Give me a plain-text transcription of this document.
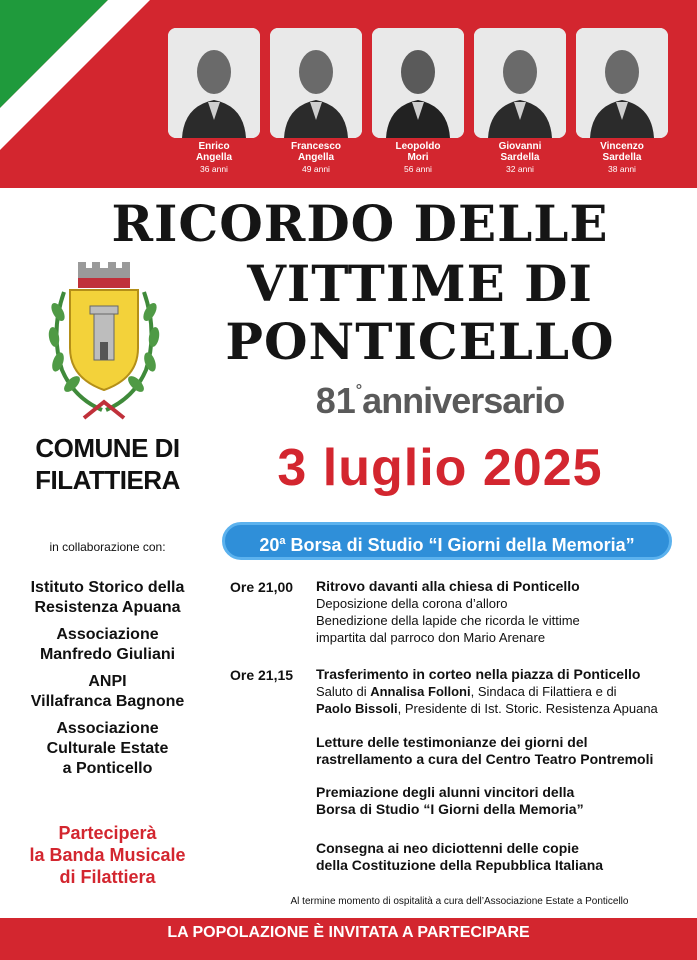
Enrico
Angella
36 anni
Francesco
Angella
49 anni
Leopoldo
Mori
56 anni
Giovanni
Sardella
32 anni
Vincenzo
Sardella
38 anni
RICORDO DELLE
VITTIME DI
PONTICELLO
81°anniversario
3 luglio 2025
COMUNE DI
FILATTIERA
in collaborazione con:
Istituto Storico della
Resistenza Apuana
Associazione
Manfredo Giuliani
ANPI
Villafranca Bagnone
Associazione
Culturale Estate
a Ponticello
Parteciperà
la Banda Musicale
di Filattiera
20$^a$ Borsa di Studio “I Giorni della Memoria”
Ore 21,00	Ritrovo davanti alla chiesa di Ponticello

Deposizione della corona d’alloro

Benedizione della lapide che ricorda le vittime

impartita dal parroco don Mario Arenare

Ore 21,15	Trasferimento in corteo nella piazza di Ponticello

Saluto di Annalisa Folloni, Sindaca di Filattiera e di

Paolo Bissoli, Presidente di Ist. Storic. Resistenza Apuana

Letture delle testimonianze dei giorni del

rastrellamento a cura del Centro Teatro Pontremoli

Premiazione degli alunni vincitori della

Borsa di Studio “I Giorni della Memoria”

Consegna ai neo diciottenni delle copie

della Costituzione della Repubblica Italiana

Al termine momento di ospitalità a cura dell’Associazione Estate a Ponticello
LA POPOLAZIONE È INVITATA A PARTECIPARE
